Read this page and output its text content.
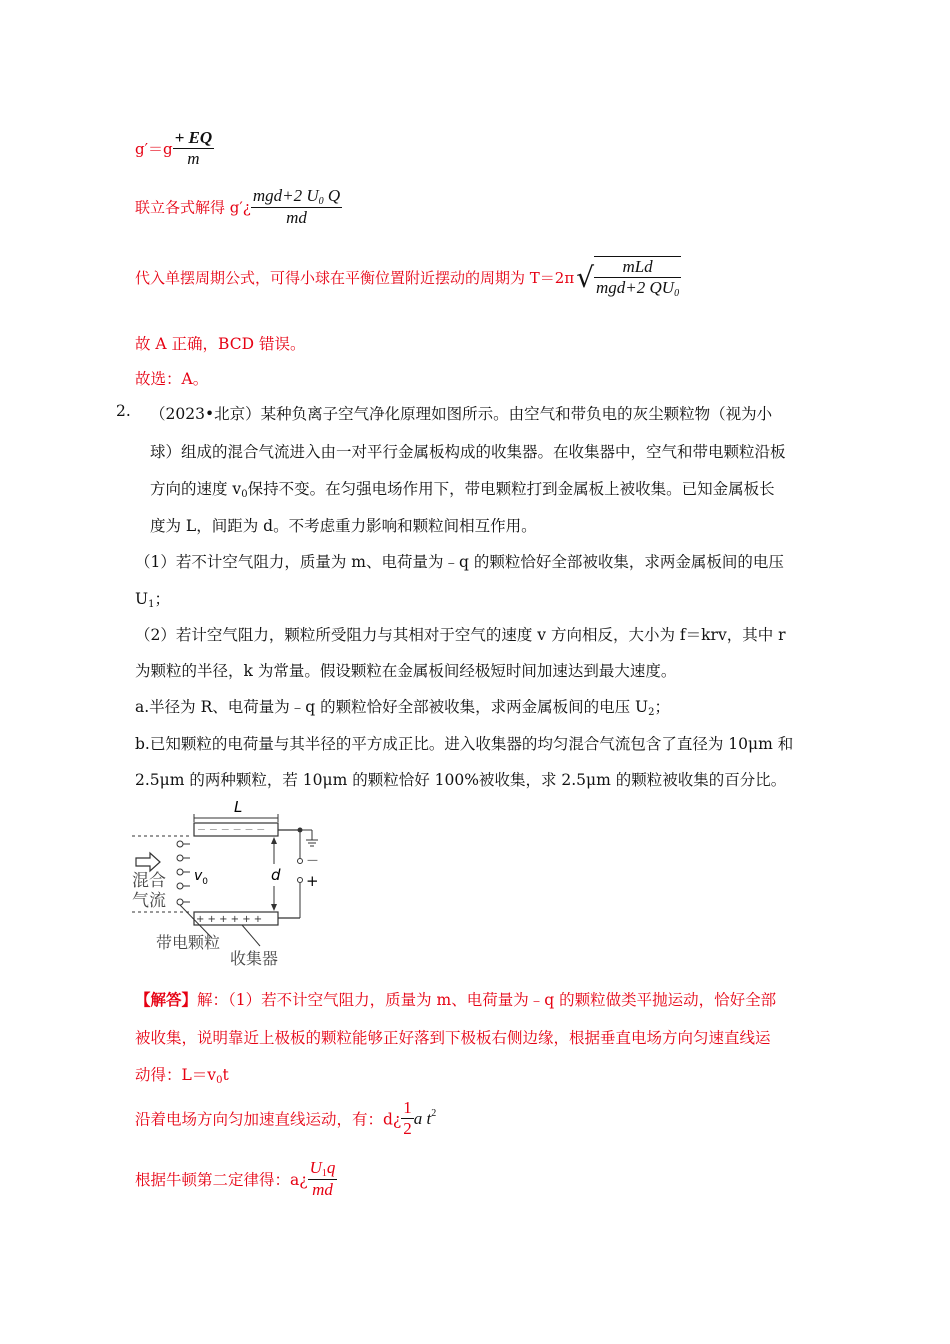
$g'=g \frac{+ EQ}{m}$
联立各式解得 g′¿ $\frac{mgd+2 U_0 Q}{md}$
代入单摆周期公式，可得小球在平衡位置附近摆动的周期为 $T=2\pi√ \frac{\text{mLd}}{mgd+2 QU_0}$
故 A 正确，BCD 错误。
故选：A。
2. （2023•北京）某种负离子空气净化原理如图所示。由空气和带负电的灰尘颗粒物（视为小
球）组成的混合气流进入由一对平行金属板构成的收集器。在收集器中，空气和带电颗粒沿板
方向的速度 $v_0$保持不变。在匀强电场作用下，带电颗粒打到金属板上被收集。已知金属板长
度为 L，间距为 d。不考虑重力影响和颗粒间相互作用。
（1）若不计空气阻力，质量为 m、电荷量为﹣q 的颗粒恰好全部被收集，求两金属板间的电压
$U_1$；
（2）若计空气阻力，颗粒所受阻力与其相对于空气的速度 v 方向相反，大小为 f＝krv，其中 r
为颗粒的半径，k 为常量。假设颗粒在金属板间经极短时间加速达到最大速度。
a.半径为 R、电荷量为﹣q 的颗粒恰好全部被收集，求两金属板间的电压 $U_2$；
b.已知颗粒的电荷量与其半径的平方成正比。进入收集器的均匀混合气流包含了直径为 10μm 和
2.5μm 的两种颗粒，若 10μm 的颗粒恰好 100%被收集，求 2.5μm 的颗粒被收集的百分比。
L
－ － － － － －
+ + + + + +
$v_0$
混合
气流
－
+
d
带电颗粒
收集器
【解答】解：（1）若不计空气阻力，质量为 m、电荷量为﹣q 的颗粒做类平抛运动，恰好全部
被收集，说明靠近上极板的颗粒能够正好落到下极板右侧边缘，根据垂直电场方向匀速直线运
动得：$L=v_0t$
沿着电场方向匀加速直线运动，有：d¿ $\frac{1}{2}$ a $t^2$
根据牛顿第二定律得：a¿ $\frac{U_1q}{md}$
